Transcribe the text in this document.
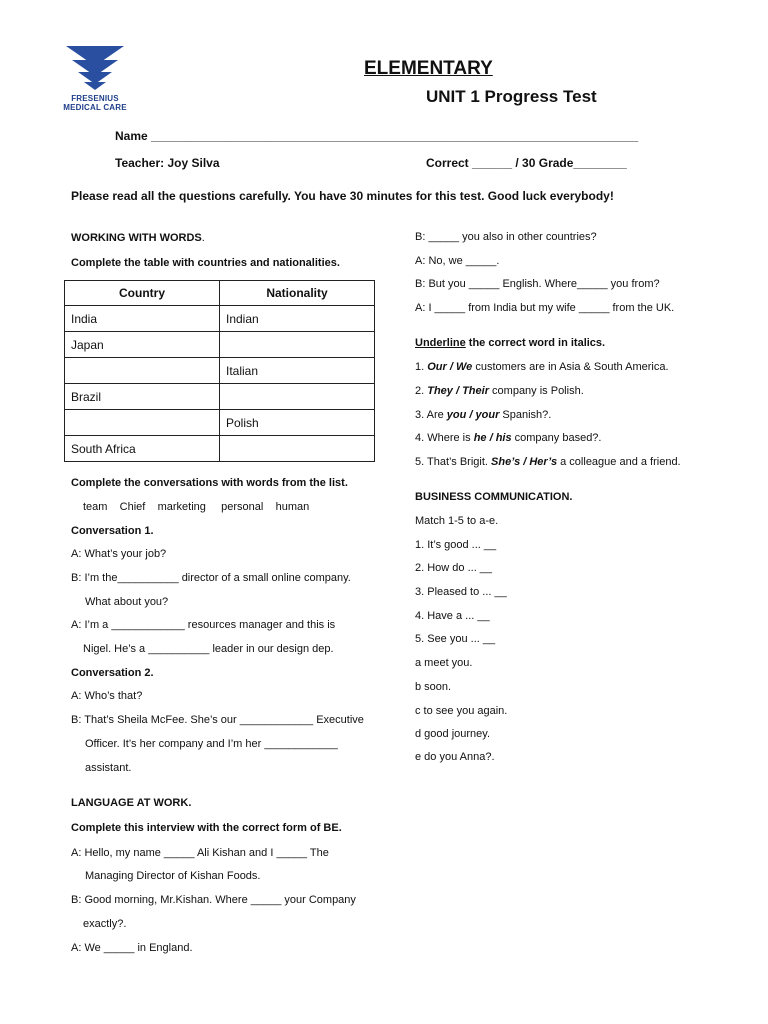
FRESENIUS
MEDICAL CARE
ELEMENTARY
UNIT 1 Progress Test
Name _________________________________________________________________________
Teacher: Joy Silva	Correct ______ / 30 Grade________
Please read all the questions carefully. You have 30 minutes for this test. Good luck everybody!
WORKING WITH WORDS.
Complete the table with countries and nationalities.
Country	Nationality
India	Indian
Japan	
	Italian
Brazil	
	Polish
South Africa	
Complete the conversations with words from the list.
team    Chief    marketing     personal    human
Conversation 1.
A: What’s your job?
B: I’m the__________ director of a small online company.
What about you?
A: I’m a ____________ resources manager and this is
Nigel. He’s a __________ leader in our design dep.
Conversation 2.
A: Who’s that?
B: That’s Sheila McFee. She’s our ____________ Executive
Officer. It’s her company and I’m her ____________
assistant.
LANGUAGE AT WORK.
Complete this interview with the correct form of BE.
A: Hello, my name _____ Ali Kishan and I _____ The
Managing Director of Kishan Foods.
B: Good morning, Mr.Kishan. Where _____ your Company
exactly?.
A: We _____ in England.
B: _____ you also in other countries?
A: No, we _____.
B: But you _____ English. Where_____ you from?
A: I _____ from India but my wife _____ from the UK.
Underline the correct word in italics.
1. Our / We customers are in Asia & South America.
2. They / Their company is Polish.
3. Are you / your Spanish?.
4. Where is he / his company based?.
5. That’s Brigit. She’s / Her’s a colleague and a friend.
BUSINESS COMMUNICATION.
Match 1-5 to a-e.
1. It’s good ... __
2. How do ... __
3. Pleased to ... __
4. Have a ... __
5. See you ... __
a meet you.
b soon.
c to see you again.
d good journey.
e do you Anna?.
